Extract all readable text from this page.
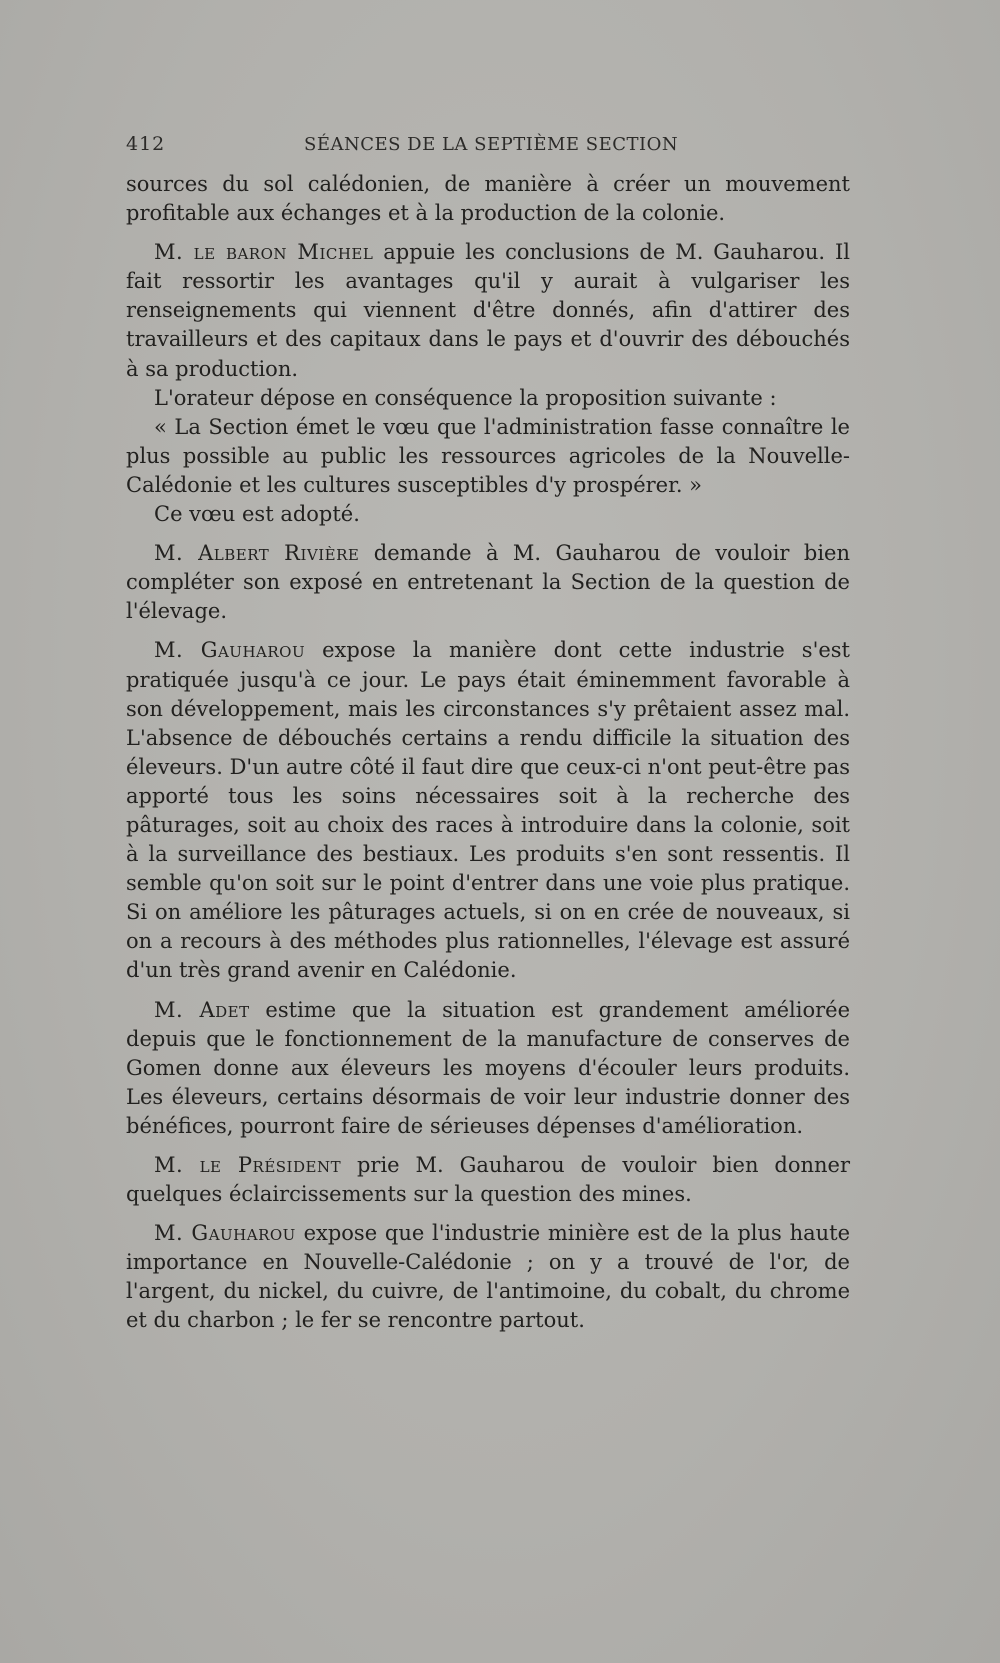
412	SÉANCES DE LA SEPTIÈME SECTION

sources du sol calédonien, de manière à créer un mouvement profitable aux échanges et à la production de la colonie.

M. le baron Michel appuie les conclusions de M. Gauharou. Il fait ressortir les avantages qu'il y aurait à vulgariser les renseignements qui viennent d'être donnés, afin d'attirer des travailleurs et des capitaux dans le pays et d'ouvrir des débouchés à sa production.

L'orateur dépose en conséquence la proposition suivante :

« La Section émet le vœu que l'administration fasse connaître le plus possible au public les ressources agricoles de la Nouvelle-Calédonie et les cultures susceptibles d'y prospérer. »

Ce vœu est adopté.

M. Albert Rivière demande à M. Gauharou de vouloir bien compléter son exposé en entretenant la Section de la question de l'élevage.

M. Gauharou expose la manière dont cette industrie s'est pratiquée jusqu'à ce jour. Le pays était éminemment favorable à son développement, mais les circonstances s'y prêtaient assez mal. L'absence de débouchés certains a rendu difficile la situation des éleveurs. D'un autre côté il faut dire que ceux-ci n'ont peut-être pas apporté tous les soins nécessaires soit à la recherche des pâturages, soit au choix des races à introduire dans la colonie, soit à la surveillance des bestiaux. Les produits s'en sont ressentis. Il semble qu'on soit sur le point d'entrer dans une voie plus pratique. Si on améliore les pâturages actuels, si on en crée de nouveaux, si on a recours à des méthodes plus rationnelles, l'élevage est assuré d'un très grand avenir en Calédonie.

M. Adet estime que la situation est grandement améliorée depuis que le fonctionnement de la manufacture de conserves de Gomen donne aux éleveurs les moyens d'écouler leurs produits. Les éleveurs, certains désormais de voir leur industrie donner des bénéfices, pourront faire de sérieuses dépenses d'amélioration.

M. le Président prie M. Gauharou de vouloir bien donner quelques éclaircissements sur la question des mines.

M. Gauharou expose que l'industrie minière est de la plus haute importance en Nouvelle-Calédonie ; on y a trouvé de l'or, de l'argent, du nickel, du cuivre, de l'antimoine, du cobalt, du chrome et du charbon ; le fer se rencontre partout.
